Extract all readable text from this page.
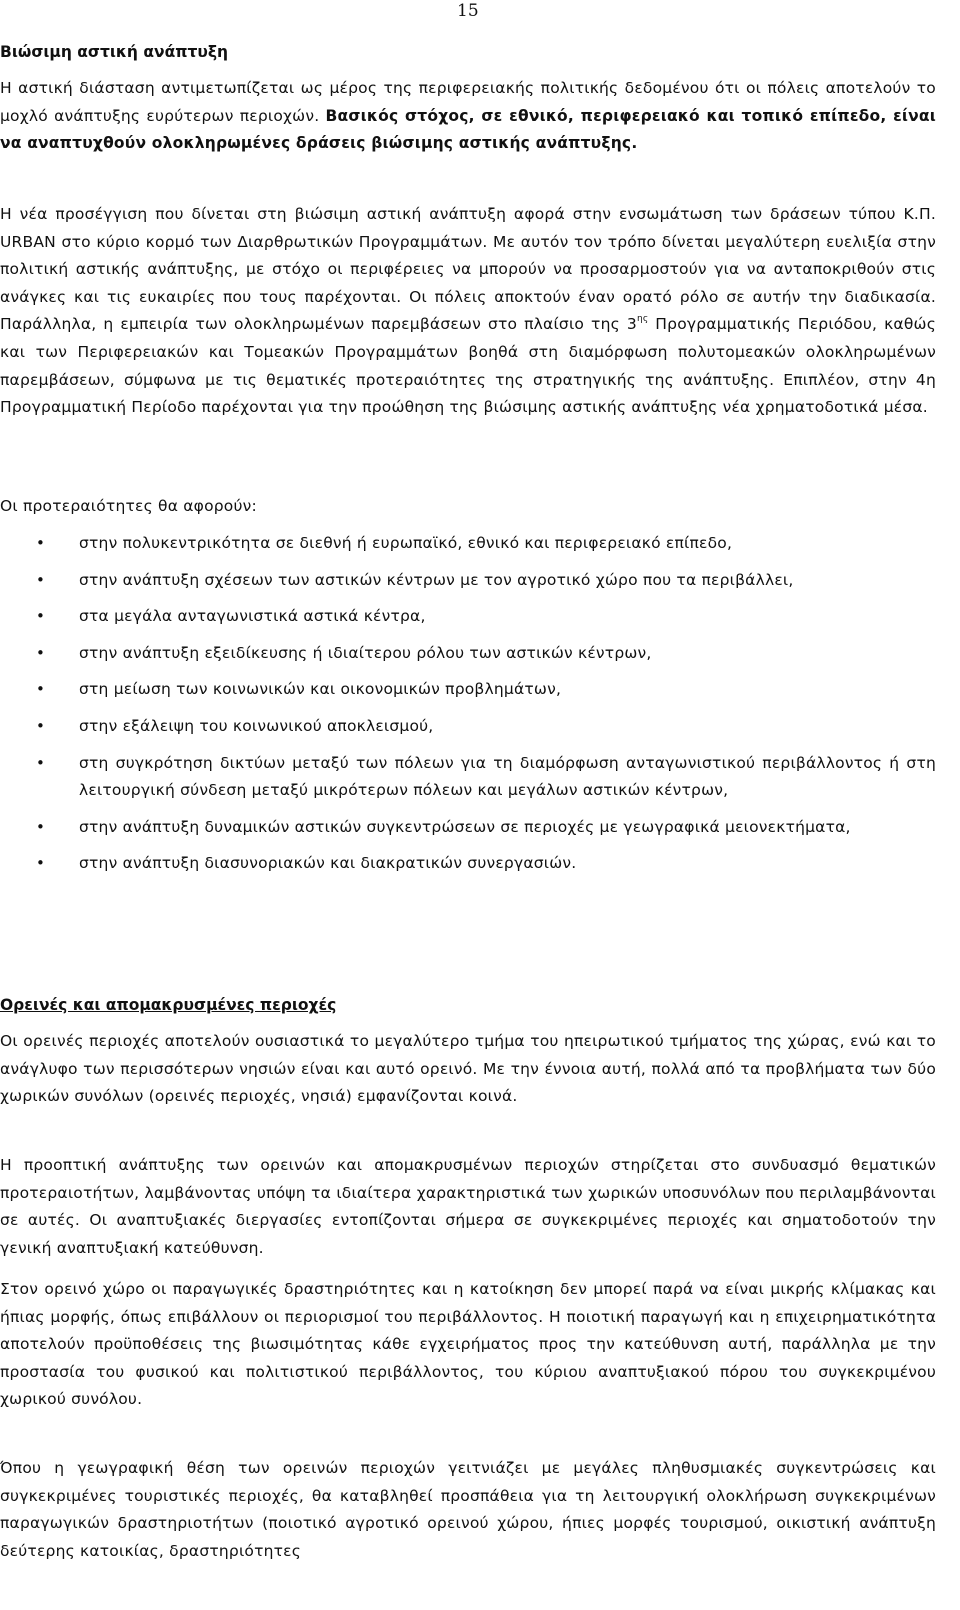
15
Βιώσιμη αστική ανάπτυξη

Η αστική διάσταση αντιμετωπίζεται ως μέρος της περιφερειακής πολιτικής δεδομένου ότι οι πόλεις αποτελούν το μοχλό ανάπτυξης ευρύτερων περιοχών. Βασικός στόχος, σε εθνικό, περιφερειακό και τοπικό επίπεδο, είναι να αναπτυχθούν ολοκληρωμένες δράσεις βιώσιμης αστικής ανάπτυξης.

Η νέα προσέγγιση που δίνεται στη βιώσιμη αστική ανάπτυξη αφορά στην ενσωμάτωση των δράσεων τύπου Κ.Π. URBAN στο κύριο κορμό των Διαρθρωτικών Προγραμμάτων. Με αυτόν τον τρόπο δίνεται μεγαλύτερη ευελιξία στην πολιτική αστικής ανάπτυξης, με στόχο οι περιφέρειες να μπορούν να προσαρμοστούν για να ανταποκριθούν στις ανάγκες και τις ευκαιρίες που τους παρέχονται. Οι πόλεις αποκτούν έναν ορατό ρόλο σε αυτήν την διαδικασία. Παράλληλα, η εμπειρία των ολοκληρωμένων παρεμβάσεων στο πλαίσιο της $3^{\eta\varsigma}$ Προγραμματικής Περιόδου, καθώς και των Περιφερειακών και Τομεακών Προγραμμάτων βοηθά στη διαμόρφωση πολυτομεακών ολοκληρωμένων παρεμβάσεων, σύμφωνα με τις θεματικές προτεραιότητες της στρατηγικής της ανάπτυξης. Επιπλέον, στην 4η Προγραμματική Περίοδο παρέχονται για την προώθηση της βιώσιμης αστικής ανάπτυξης νέα χρηματοδοτικά μέσα.

Οι προτεραιότητες θα αφορούν:

• στην πολυκεντρικότητα σε διεθνή ή ευρωπαϊκό, εθνικό και περιφερειακό επίπεδο,
• στην ανάπτυξη σχέσεων των αστικών κέντρων με τον αγροτικό χώρο που τα περιβάλλει,
• στα μεγάλα ανταγωνιστικά αστικά κέντρα,
• στην ανάπτυξη εξειδίκευσης ή ιδιαίτερου ρόλου των αστικών κέντρων,
• στη μείωση των κοινωνικών και οικονομικών προβλημάτων,
• στην εξάλειψη του κοινωνικού αποκλεισμού,
• στη συγκρότηση δικτύων μεταξύ των πόλεων για τη διαμόρφωση ανταγωνιστικού περιβάλλοντος ή στη λειτουργική σύνδεση μεταξύ μικρότερων πόλεων και μεγάλων αστικών κέντρων,
• στην ανάπτυξη δυναμικών αστικών συγκεντρώσεων σε περιοχές με γεωγραφικά μειονεκτήματα,
• στην ανάπτυξη διασυνοριακών και διακρατικών συνεργασιών.
Ορεινές και απομακρυσμένες περιοχές

Οι ορεινές περιοχές αποτελούν ουσιαστικά το μεγαλύτερο τμήμα του ηπειρωτικού τμήματος της χώρας, ενώ και το ανάγλυφο των περισσότερων νησιών είναι και αυτό ορεινό. Με την έννοια αυτή, πολλά από τα προβλήματα των δύο χωρικών συνόλων (ορεινές περιοχές, νησιά) εμφανίζονται κοινά.

Η προοπτική ανάπτυξης των ορεινών και απομακρυσμένων περιοχών στηρίζεται στο συνδυασμό θεματικών προτεραιοτήτων, λαμβάνοντας υπόψη τα ιδιαίτερα χαρακτηριστικά των χωρικών υποσυνόλων που περιλαμβάνονται σε αυτές. Οι αναπτυξιακές διεργασίες εντοπίζονται σήμερα σε συγκεκριμένες περιοχές και σηματοδοτούν την γενική αναπτυξιακή κατεύθυνση.

Στον ορεινό χώρο οι παραγωγικές δραστηριότητες και η κατοίκηση δεν μπορεί παρά να είναι μικρής κλίμακας και ήπιας μορφής, όπως επιβάλλουν οι περιορισμοί του περιβάλλοντος. Η ποιοτική παραγωγή και η επιχειρηματικότητα αποτελούν προϋποθέσεις της βιωσιμότητας κάθε εγχειρήματος προς την κατεύθυνση αυτή, παράλληλα με την προστασία του φυσικού και πολιτιστικού περιβάλλοντος, του κύριου αναπτυξιακού πόρου του συγκεκριμένου χωρικού συνόλου.

Όπου η γεωγραφική θέση των ορεινών περιοχών γειτνιάζει με μεγάλες πληθυσμιακές συγκεντρώσεις και συγκεκριμένες τουριστικές περιοχές, θα καταβληθεί προσπάθεια για τη λειτουργική ολοκλήρωση συγκεκριμένων παραγωγικών δραστηριοτήτων (ποιοτικό αγροτικό ορεινού χώρου, ήπιες μορφές τουρισμού, οικιστική ανάπτυξη δεύτερης κατοικίας, δραστηριότητες
